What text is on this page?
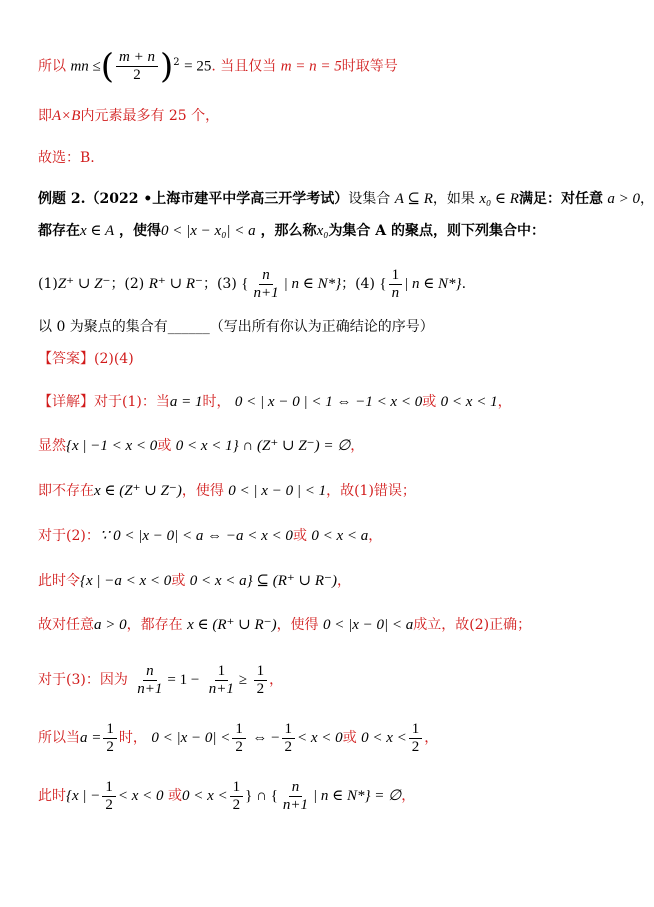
所以 mn ≤( $\frac{m + n}{2} )^2 = 25$. 当且仅当 m = n = 5时取等号
即A×B内元素最多有 25 个，
故选：B.
例题 2.（2022 •上海市建平中学高三开学考试）设集合 A ⊆ R，如果 x₀ ∈ R满足：对任意 a > 0，
都存在x ∈ A ，使得0 < |x − x₀| < a ，那么称x₀为集合 A 的聚点，则下列集合中：
(1)Z⁺ ∪ Z⁻；(2) R⁺ ∪ R⁻；(3) { $\frac{n}{n+1}$ | n ∈ N*}；(4) { $\frac{1}{n}$ | n ∈ N*}.
以 0 为聚点的集合有______（写出所有你认为正确结论的序号）
【答案】(2)(4)
【详解】对于(1)：当a = 1时， 0 < | x − 0 | < 1 ⇔ −1 < x < 0或 0 < x < 1，
显然{x | −1 < x < 0或 0 < x < 1} ∩ (Z⁺ ∪ Z⁻) = ∅，
即不存在x ∈ (Z⁺ ∪ Z⁻)，使得 0 < | x − 0 | < 1，故(1)错误；
对于(2)：∵ 0 < |x − 0| < a ⇔ −a < x < 0或 0 < x < a，
此时令{x | −a < x < 0或 0 < x < a} ⊆ (R⁺ ∪ R⁻)，
故对任意a > 0，都存在 x ∈ (R⁺ ∪ R⁻)，使得 0 < |x − 0| < a成立，故(2)正确；
对于(3)：因为 $\frac{n}{n+1} = 1 - \frac{1}{n+1} \ge \frac{1}{2}$ ，
所以当$a = \frac{1}{2}$ 时， $0 < |x - 0| < \frac{1}{2}$ ⇔ − $\frac{1}{2} < x < 0$或 $0 < x < \frac{1}{2}$ ，
此时{x | − $\frac{1}{2} < x < 0$ 或$0 < x < \frac{1}{2}$ } ∩ { $\frac{n}{n+1}$ | n ∈ N*} = ∅，
